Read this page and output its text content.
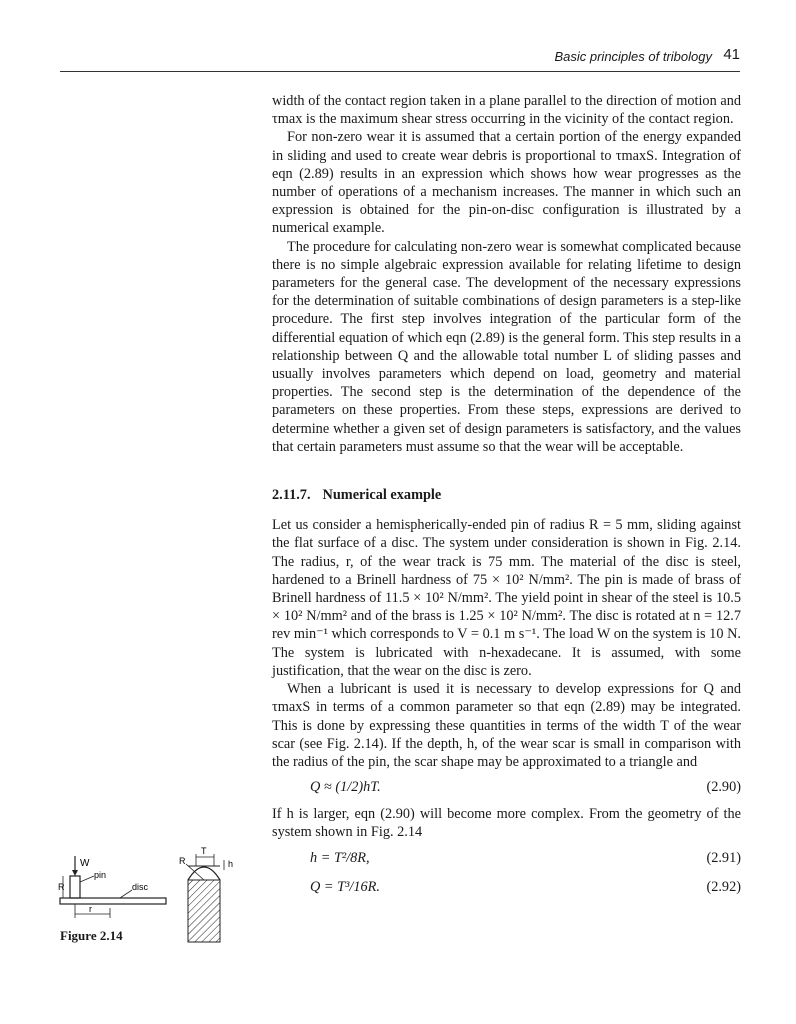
Basic principles of tribology 41

width of the contact region taken in a plane parallel to the direction of motion and τmax is the maximum shear stress occurring in the vicinity of the contact region.

For non-zero wear it is assumed that a certain portion of the energy expanded in sliding and used to create wear debris is proportional to τmaxS. Integration of eqn (2.89) results in an expression which shows how wear progresses as the number of operations of a mechanism increases. The manner in which such an expression is obtained for the pin-on-disc configuration is illustrated by a numerical example.

The procedure for calculating non-zero wear is somewhat complicated because there is no simple algebraic expression available for relating lifetime to design parameters for the general case. The development of the necessary expressions for the determination of suitable combinations of design parameters is a step-like procedure. The first step involves integration of the particular form of the differential equation of which eqn (2.89) is the general form. This step results in a relationship between Q and the allowable total number L of sliding passes and usually involves parameters which depend on load, geometry and material properties. The second step is the determination of the dependence of the parameters on these properties. From these steps, expressions are derived to determine whether a given set of design parameters is satisfactory, and the values that certain parameters must assume so that the wear will be acceptable.

2.11.7. Numerical example

Let us consider a hemispherically-ended pin of radius R = 5 mm, sliding against the flat surface of a disc. The system under consideration is shown in Fig. 2.14. The radius, r, of the wear track is 75 mm. The material of the disc is steel, hardened to a Brinell hardness of 75 × 10² N/mm². The pin is made of brass of Brinell hardness of 11.5 × 10² N/mm². The yield point in shear of the steel is 10.5 × 10² N/mm² and of the brass is 1.25 × 10² N/mm². The disc is rotated at n = 12.7 rev min⁻¹ which corresponds to V = 0.1 m s⁻¹. The load W on the system is 10 N. The system is lubricated with n-hexadecane. It is assumed, with some justification, that the wear on the disc is zero.

When a lubricant is used it is necessary to develop expressions for Q and τmaxS in terms of a common parameter so that eqn (2.89) may be integrated. This is done by expressing these quantities in terms of the width T of the wear scar (see Fig. 2.14). If the depth, h, of the wear scar is small in comparison with the radius of the pin, the scar shape may be approximated to a triangle and

Q ≈ (1/2)hT.	(2.90)

If h is larger, eqn (2.90) will become more complex. From the geometry of the system shown in Fig. 2.14

h = T²/8R,	(2.91)
Q = T³/16R.	(2.92)
W
pin
R	disc
r
T
h
R
Figure 2.14
